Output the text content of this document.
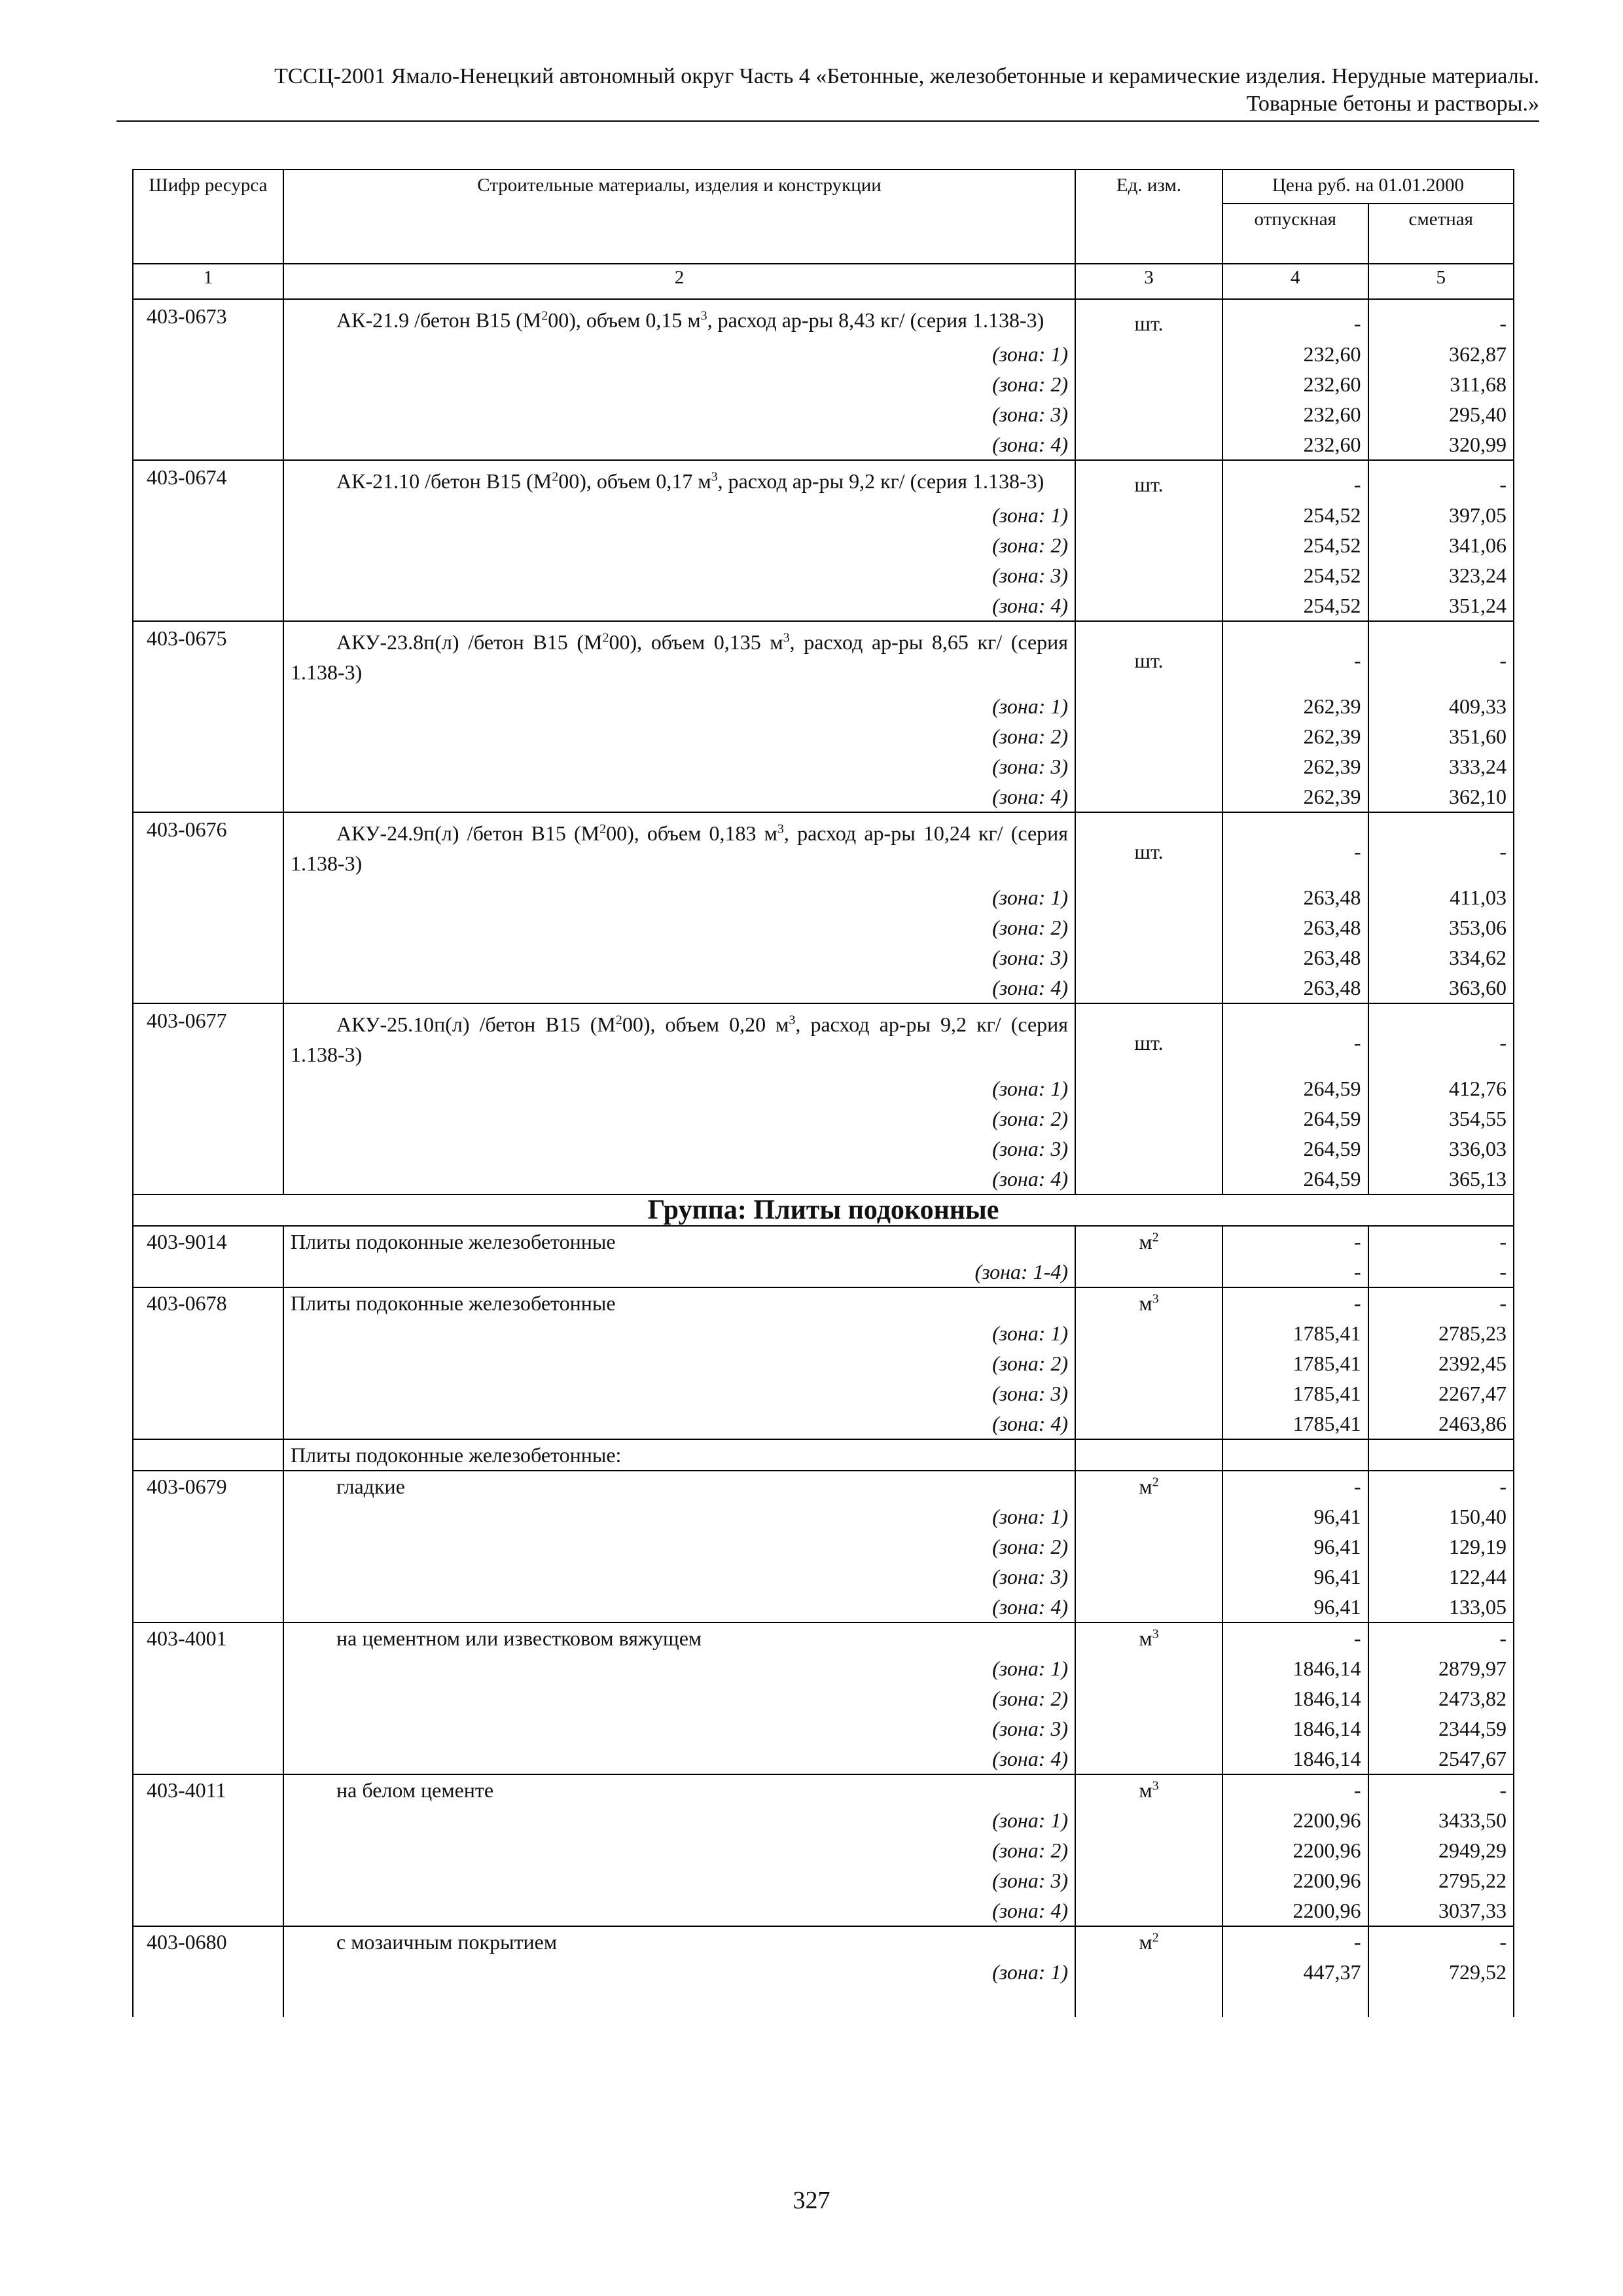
ТССЦ-2001 Ямало-Ненецкий автономный округ Часть 4 «Бетонные, железобетонные и керамические изделия. Нерудные материалы.
Товарные бетоны и растворы.»
Шифр ресурса	Строительные материалы, изделия и конструкции	Ед. изм.	Цена руб. на 01.01.2000	
			отпускная	сметная
1	2	3	4	5
403-0673	АК-21.9 /бетон В15 $(М^200)$, объем 0,15 $м^3$, расход ар-ры 8,43 кг/ (серия 1.138-3)	шт.	-	-
	(зона: 1)		232,60	362,87
	(зона: 2)		232,60	311,68
	(зона: 3)		232,60	295,40
	(зона: 4)		232,60	320,99
403-0674	АК-21.10 /бетон В15 $(М^200)$, объем 0,17 $м^3$, расход ар-ры 9,2 кг/ (серия 1.138-3)	шт.	-	-
	(зона: 1)		254,52	397,05
	(зона: 2)		254,52	341,06
	(зона: 3)		254,52	323,24
	(зона: 4)		254,52	351,24
403-0675	АКУ-23.8п(л) /бетон В15 $(М^200)$, объем 0,135 $м^3$, расход ар-ры 8,65 кг/ (серия 1.138-3)	шт.	-	-
	(зона: 1)		262,39	409,33
	(зона: 2)		262,39	351,60
	(зона: 3)		262,39	333,24
	(зона: 4)		262,39	362,10
403-0676	АКУ-24.9п(л) /бетон В15 $(М^200)$, объем 0,183 $м^3$, расход ар-ры 10,24 кг/ (серия 1.138-3)	шт.	-	-
	(зона: 1)		263,48	411,03
	(зона: 2)		263,48	353,06
	(зона: 3)		263,48	334,62
	(зона: 4)		263,48	363,60
403-0677	АКУ-25.10п(л) /бетон В15 $(М^200)$, объем 0,20 $м^3$, расход ар-ры 9,2 кг/ (серия 1.138-3)	шт.	-	-
	(зона: 1)		264,59	412,76
	(зона: 2)		264,59	354,55
	(зона: 3)		264,59	336,03
	(зона: 4)		264,59	365,13
Группа: Плиты подоконные				
403-9014	Плиты подоконные железобетонные	$м^2$	-	-
	(зона: 1-4)		-	-
403-0678	Плиты подоконные железобетонные	$м^3$	-	-
	(зона: 1)		1785,41	2785,23
	(зона: 2)		1785,41	2392,45
	(зона: 3)		1785,41	2267,47
	(зона: 4)		1785,41	2463,86
	Плиты подоконные железобетонные:			
403-0679	гладкие	$м^2$	-	-
	(зона: 1)		96,41	150,40
	(зона: 2)		96,41	129,19
	(зона: 3)		96,41	122,44
	(зона: 4)		96,41	133,05
403-4001	на цементном или известковом вяжущем	$м^3$	-	-
	(зона: 1)		1846,14	2879,97
	(зона: 2)		1846,14	2473,82
	(зона: 3)		1846,14	2344,59
	(зона: 4)		1846,14	2547,67
403-4011	на белом цементе	$м^3$	-	-
	(зона: 1)		2200,96	3433,50
	(зона: 2)		2200,96	2949,29
	(зона: 3)		2200,96	2795,22
	(зона: 4)		2200,96	3037,33
403-0680	с мозаичным покрытием	$м^2$	-	-
	(зона: 1)		447,37	729,52

327
